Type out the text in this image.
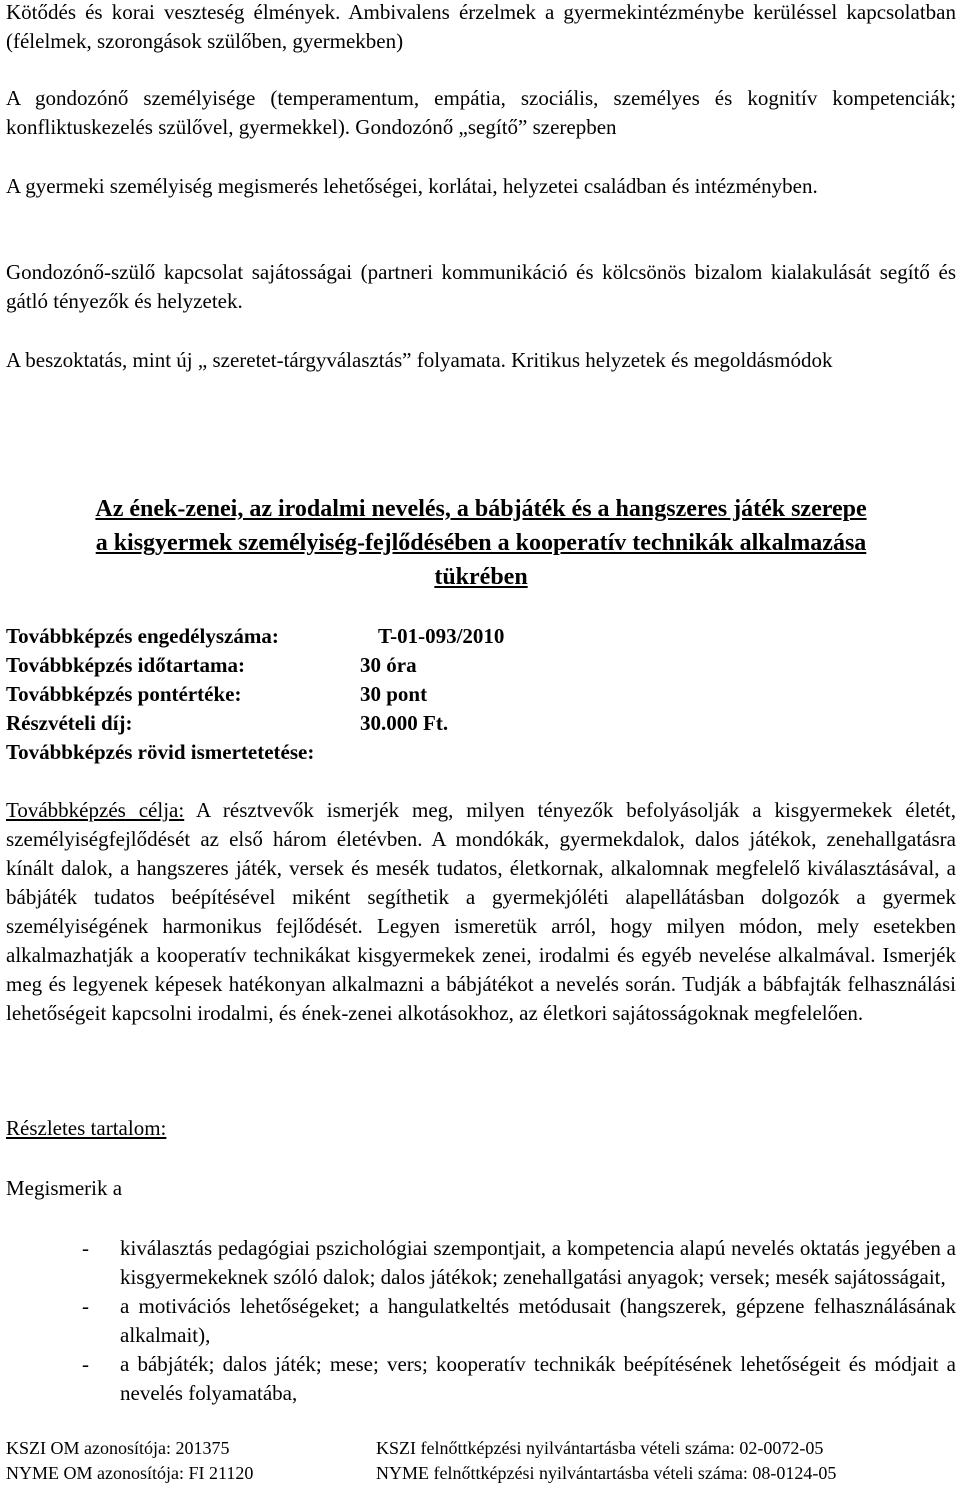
Kötődés és korai veszteség élmények. Ambivalens érzelmek a gyermekintézménybe kerüléssel kapcsolatban (félelmek, szorongások szülőben, gyermekben)

A gondozónő személyisége (temperamentum, empátia, szociális, személyes és kognitív kompetenciák; konfliktuskezelés szülővel, gyermekkel). Gondozónő „segítő” szerepben

A gyermeki személyiség megismerés lehetőségei, korlátai, helyzetei családban és intézményben.

Gondozónő-szülő kapcsolat sajátosságai (partneri kommunikáció és kölcsönös bizalom kialakulását segítő és gátló tényezők és helyzetek.

A beszoktatás, mint új „ szeretet-tárgyválasztás” folyamata. Kritikus helyzetek és megoldásmódok

Az ének-zenei, az irodalmi nevelés, a bábjáték és a hangszeres játék szerepe
a kisgyermek személyiség-fejlődésében a kooperatív technikák alkalmazása
tükrében
Továbbképzés engedélyszáma:	T-01-093/2010
Továbbképzés időtartama:	30 óra
Továbbképzés pontértéke:	30 pont
Részvételi díj:	30.000 Ft.
Továbbképzés rövid ismertetetése:

Továbbképzés célja: A résztvevők ismerjék meg, milyen tényezők befolyásolják a kisgyermekek életét, személyiségfejlődését az első három életévben. A mondókák, gyermekdalok, dalos játékok, zenehallgatásra kínált dalok, a hangszeres játék, versek és mesék tudatos, életkornak, alkalomnak megfelelő kiválasztásával, a bábjáték tudatos beépítésével miként segíthetik a gyermekjóléti alapellátásban dolgozók a gyermek személyiségének harmonikus fejlődését. Legyen ismeretük arról, hogy milyen módon, mely esetekben alkalmazhatják a kooperatív technikákat kisgyermekek zenei, irodalmi és egyéb nevelése alkalmával. Ismerjék meg és legyenek képesek hatékonyan alkalmazni a bábjátékot a nevelés során. Tudják a bábfajták felhasználási lehetőségeit kapcsolni irodalmi, és ének-zenei alkotásokhoz, az életkori sajátosságoknak megfelelően.

Részletes tartalom:

Megismerik a

- kiválasztás pedagógiai pszichológiai szempontjait, a kompetencia alapú nevelés oktatás jegyében a kisgyermekeknek szóló dalok; dalos játékok; zenehallgatási anyagok; versek; mesék sajátosságait,
- a motivációs lehetőségeket; a hangulatkeltés metódusait (hangszerek, gépzene felhasználásának alkalmait),
- a bábjáték; dalos játék; mese; vers; kooperatív technikák beépítésének lehetőségeit és módjait a nevelés folyamatába,
KSZI OM azonosítója: 201375	KSZI felnőttképzési nyilvántartásba vételi száma: 02-0072-05
NYME OM azonosítója: FI 21120	NYME felnőttképzési nyilvántartásba vételi száma: 08-0124-05
